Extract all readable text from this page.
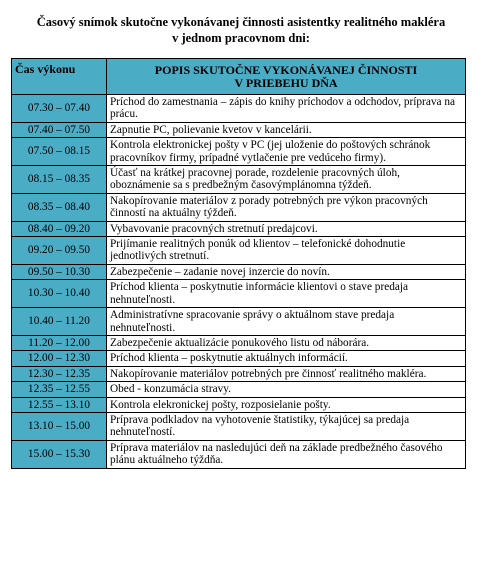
Časový snímok skutočne vykonávanej činnosti asistentky realitného makléra
v jednom pracovnom dni:
Čas výkonu	POPIS SKUTOČNE VYKONÁVANEJ ČINNOSTI
V PRIEBEHU DŇA

07.30 – 07.40	Príchod do zamestnania – zápis do knihy príchodov a odchodov, príprava na prácu.
07.40 – 07.50	Zapnutie PC, polievanie kvetov v kancelárii.
07.50 – 08.15	Kontrola elektronickej pošty v PC (jej uloženie do poštových schránok pracovníkov firmy, prípadné vytlačenie pre vedúceho firmy).
08.15 – 08.35	Účasť na krátkej pracovnej porade, rozdelenie pracovných úloh, oboznámenie sa s predbežným časovýmplánomna týždeň.
08.35 – 08.40	Nakopírovanie materiálov z porady potrebných pre výkon pracovných činností na aktuálny týždeň.
08.40 – 09.20	Vybavovanie pracovných stretnutí predajcovi.
09.20 – 09.50	Prijímanie realitných ponúk od klientov – telefonické dohodnutie jednotlivých stretnutí.
09.50 – 10.30	Zabezpečenie – zadanie novej inzercie do novín.
10.30 – 10.40	Príchod klienta – poskytnutie informácie klientovi o stave predaja nehnuteľnosti.
10.40 – 11.20	Administratívne spracovanie správy o aktuálnom stave predaja nehnuteľnosti.
11.20 – 12.00	Zabezpečenie aktualizácie ponukového listu od náborára.
12.00 – 12.30	Príchod klienta – poskytnutie aktuálnych informácií.
12.30 – 12.35	Nakopírovanie materiálov potrebných pre činnosť realitného makléra.
12.35 – 12.55	Obed - konzumácia stravy.
12.55 – 13.10	Kontrola elekronickej pošty, rozposielanie pošty.
13.10 – 15.00	Príprava podkladov na vyhotovenie štatistiky, týkajúcej sa predaja nehnuteľností.
15.00 – 15.30	Príprava materiálov na nasledujúci deň na základe predbežného časového plánu aktuálneho týždňa.
